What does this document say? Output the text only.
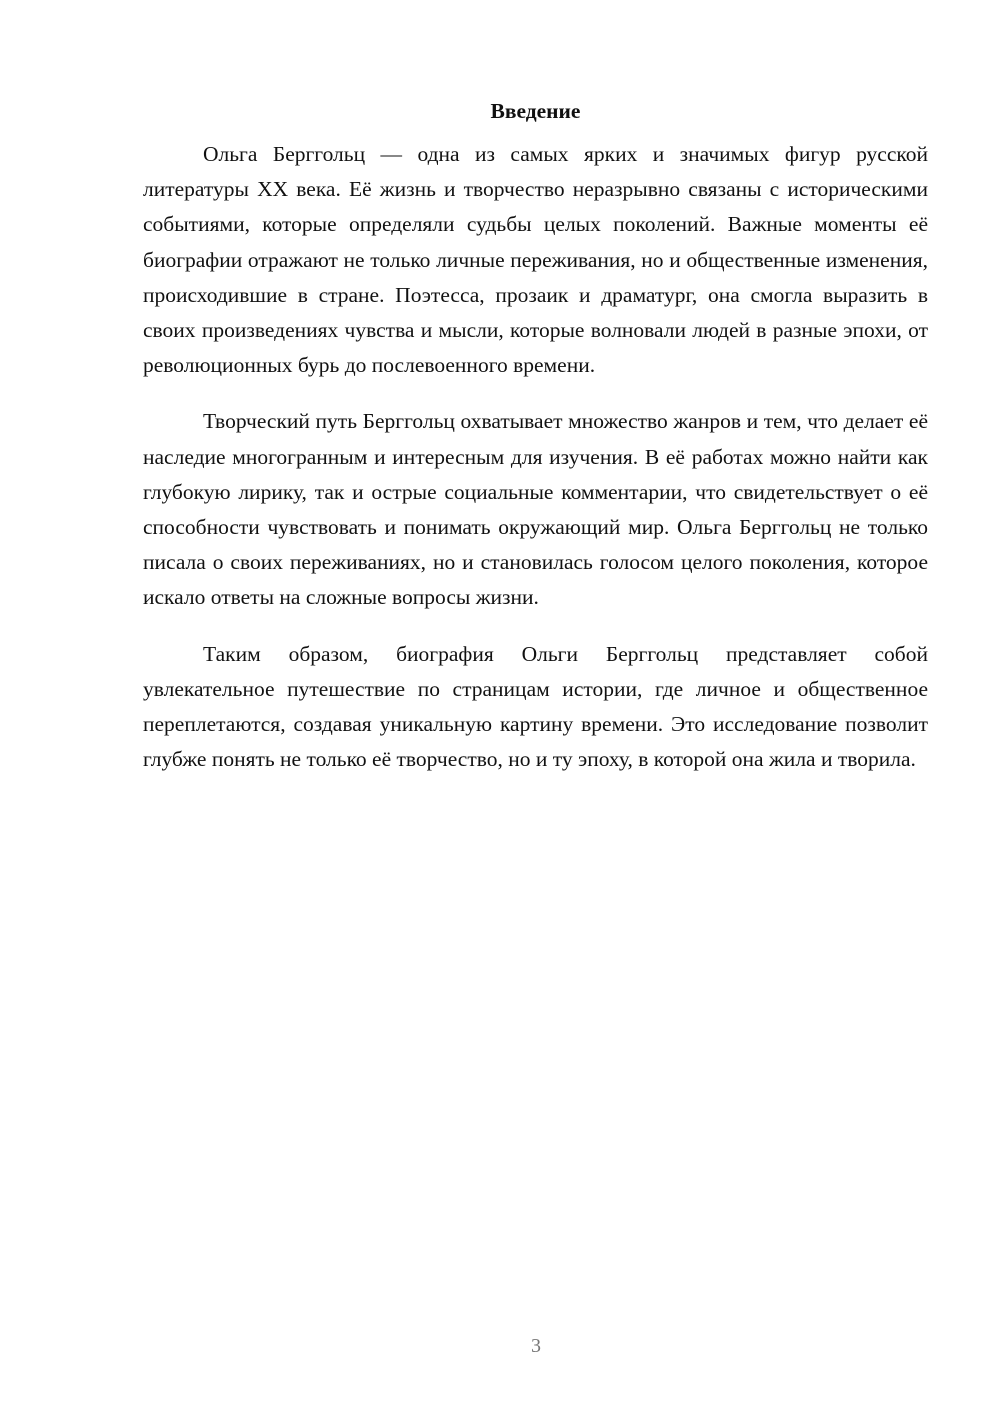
Введение

Ольга Берггольц — одна из самых ярких и значимых фигур русской литературы XX века. Её жизнь и творчество неразрывно связаны с историческими событиями, которые определяли судьбы целых поколений. Важные моменты её биографии отражают не только личные переживания, но и общественные изменения, происходившие в стране. Поэтесса, прозаик и драматург, она смогла выразить в своих произведениях чувства и мысли, которые волновали людей в разные эпохи, от революционных бурь до послевоенного времени.

Творческий путь Берггольц охватывает множество жанров и тем, что делает её наследие многогранным и интересным для изучения. В её работах можно найти как глубокую лирику, так и острые социальные комментарии, что свидетельствует о её способности чувствовать и понимать окружающий мир. Ольга Берггольц не только писала о своих переживаниях, но и становилась голосом целого поколения, которое искало ответы на сложные вопросы жизни.

Таким образом, биография Ольги Берггольц представляет собой увлекательное путешествие по страницам истории, где личное и общественное переплетаются, создавая уникальную картину времени. Это исследование позволит глубже понять не только её творчество, но и ту эпоху, в которой она жила и творила.

3
